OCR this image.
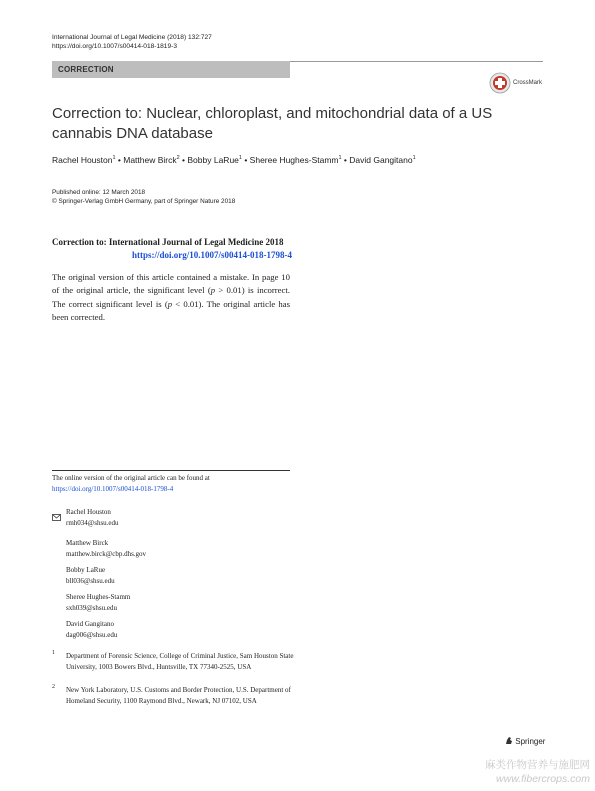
International Journal of Legal Medicine (2018) 132:727
https://doi.org/10.1007/s00414-018-1819-3
CORRECTION
CrossMark
Correction to: Nuclear, chloroplast, and mitochondrial data of a US cannabis DNA database
Rachel Houston$^1$ • Matthew Birck$^2$ • Bobby LaRue$^1$ • Sheree Hughes-Stamm$^1$ • David Gangitano$^1$
Published online: 12 March 2018
© Springer-Verlag GmbH Germany, part of Springer Nature 2018
Correction to: International Journal of Legal Medicine 2018
https://doi.org/10.1007/s00414-018-1798-4
The original version of this article contained a mistake. In page 10 of the original article, the significant level (p > 0.01) is incorrect. The correct significant level is (p < 0.01). The original article has been corrected.
The online version of the original article can be found at https://doi.org/10.1007/s00414-018-1798-4
Rachel Houston
rmh034@shsu.edu
Matthew Birck
matthew.birck@cbp.dhs.gov
Bobby LaRue
bll036@shsu.edu
Sheree Hughes-Stamm
sxh039@shsu.edu
David Gangitano
dag006@shsu.edu
1 Department of Forensic Science, College of Criminal Justice, Sam Houston State University, 1003 Bowers Blvd., Huntsville, TX 77340-2525, USA
2 New York Laboratory, U.S. Customs and Border Protection, U.S. Department of Homeland Security, 1100 Raymond Blvd., Newark, NJ 07102, USA
Springer
麻类作物营养与施肥网
www.fibercrops.com
